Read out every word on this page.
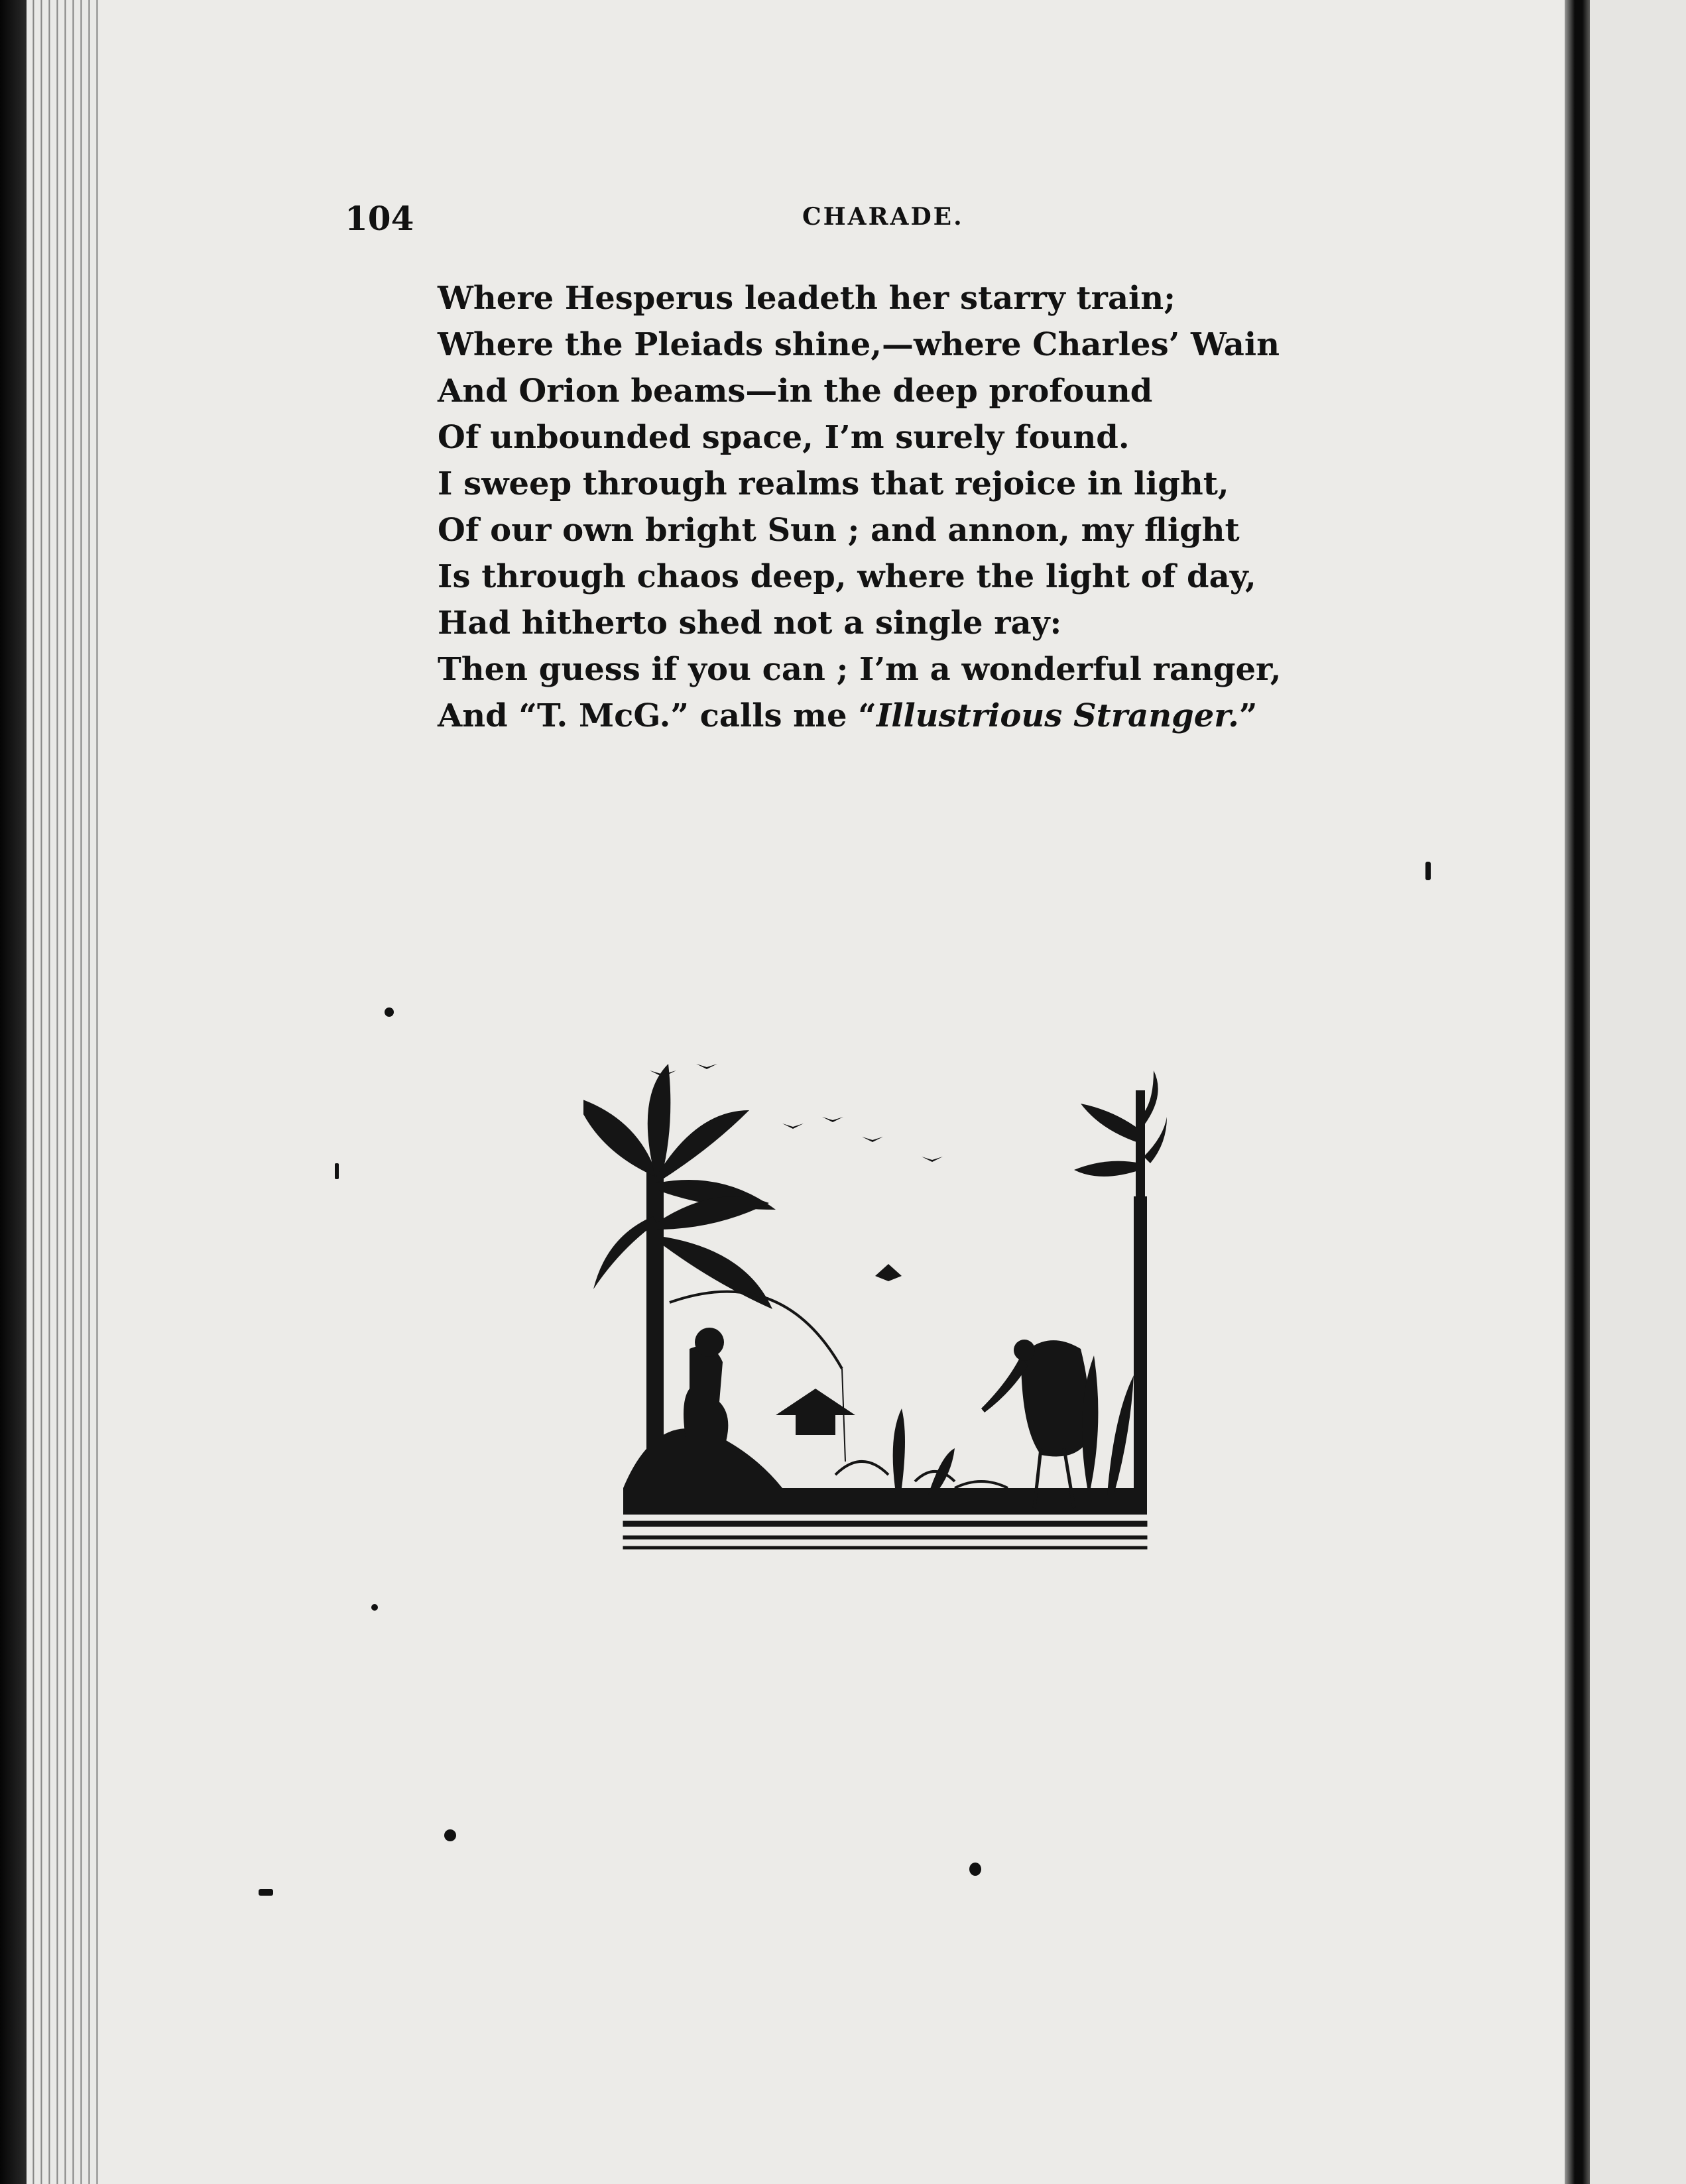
104	CHARADE.
Where Hesperus leadeth her starry train;
Where the Pleiads shine,—where Charles’ Wain
And Orion beams—in the deep profound
Of unbounded space, I’m surely found.
I sweep through realms that rejoice in light,
Of our own bright Sun ; and annon, my flight
Is through chaos deep, where the light of day,
Had hitherto shed not a single ray:
Then guess if you can ; I’m a wonderful ranger,
And “T. McG.” calls me “Illustrious Stranger.”
